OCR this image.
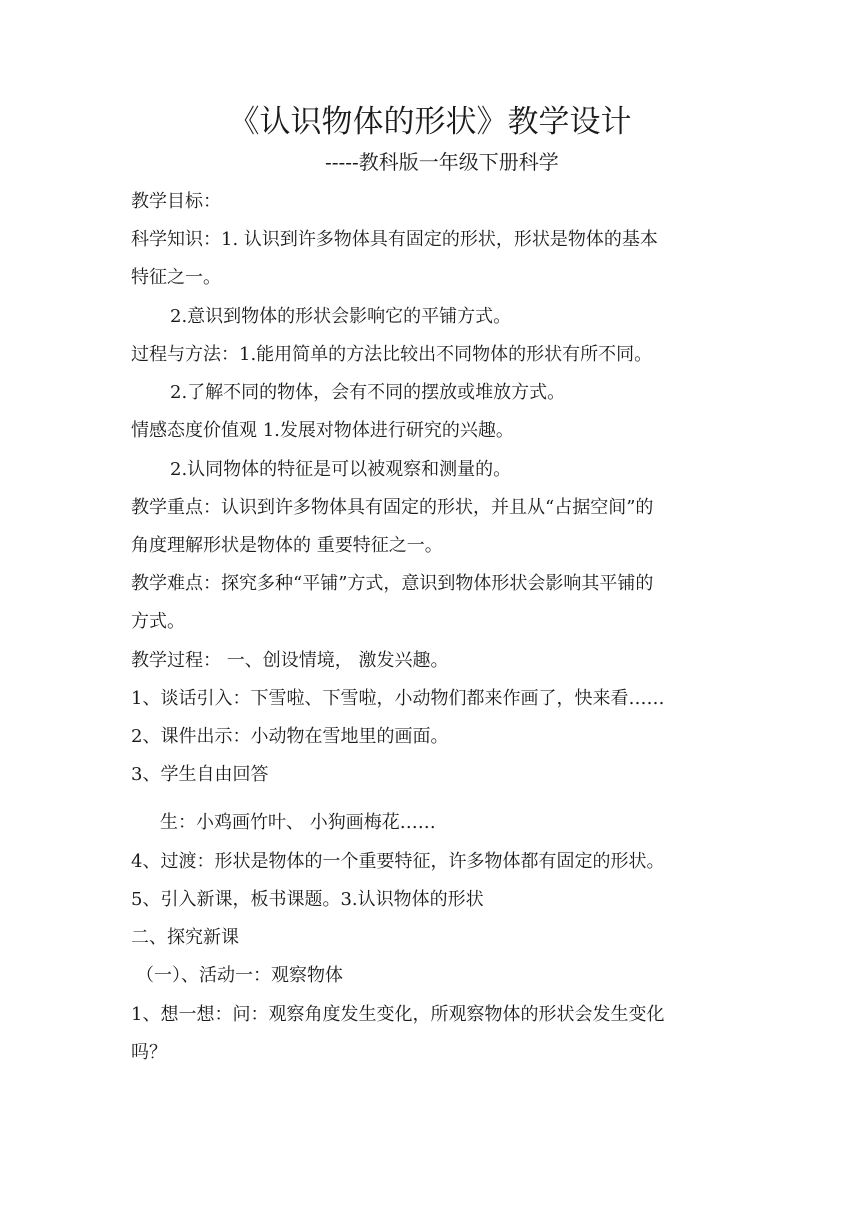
《认识物体的形状》教学设计
-----教科版一年级下册科学
教学目标：
科学知识：1. 认识到许多物体具有固定的形状，形状是物体的基本
特征之一。
2.意识到物体的形状会影响它的平铺方式。
过程与方法：1.能用简单的方法比较出不同物体的形状有所不同。
2.了解不同的物体，会有不同的摆放或堆放方式。
情感态度价值观 1.发展对物体进行研究的兴趣。
2.认同物体的特征是可以被观察和测量的。
教学重点：认识到许多物体具有固定的形状，并且从“占据空间”的
角度理解形状是物体的 重要特征之一。
教学难点：探究多种“平铺”方式，意识到物体形状会影响其平铺的
方式。
教学过程： 一、创设情境， 激发兴趣。
1、谈话引入：下雪啦、下雪啦，小动物们都来作画了，快来看……
2、课件出示：小动物在雪地里的画面。
3、学生自由回答
生：小鸡画竹叶、 小狗画梅花……
4、过渡：形状是物体的一个重要特征，许多物体都有固定的形状。
5、引入新课，板书课题。3.认识物体的形状
二、探究新课
（一）、活动一：观察物体
1、想一想：问：观察角度发生变化，所观察物体的形状会发生变化
吗？
